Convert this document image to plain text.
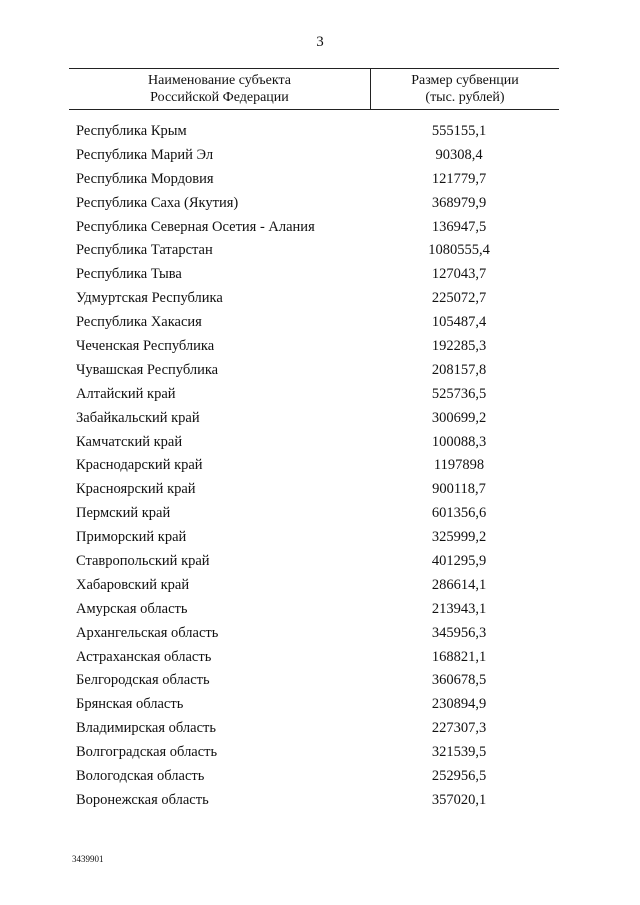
3
Наименование субъекта
Российской Федерации
Размер субвенции
(тыс. рублей)
Республика Крым	555155,1
Республика Марий Эл	90308,4
Республика Мордовия	121779,7
Республика Саха (Якутия)	368979,9
Республика Северная Осетия - Алания	136947,5
Республика Татарстан	1080555,4
Республика Тыва	127043,7
Удмуртская Республика	225072,7
Республика Хакасия	105487,4
Чеченская Республика	192285,3
Чувашская Республика	208157,8
Алтайский край	525736,5
Забайкальский край	300699,2
Камчатский край	100088,3
Краснодарский край	1197898
Красноярский край	900118,7
Пермский край	601356,6
Приморский край	325999,2
Ставропольский край	401295,9
Хабаровский край	286614,1
Амурская область	213943,1
Архангельская область	345956,3
Астраханская область	168821,1
Белгородская область	360678,5
Брянская область	230894,9
Владимирская область	227307,3
Волгоградская область	321539,5
Вологодская область	252956,5
Воронежская область	357020,1
3439901
